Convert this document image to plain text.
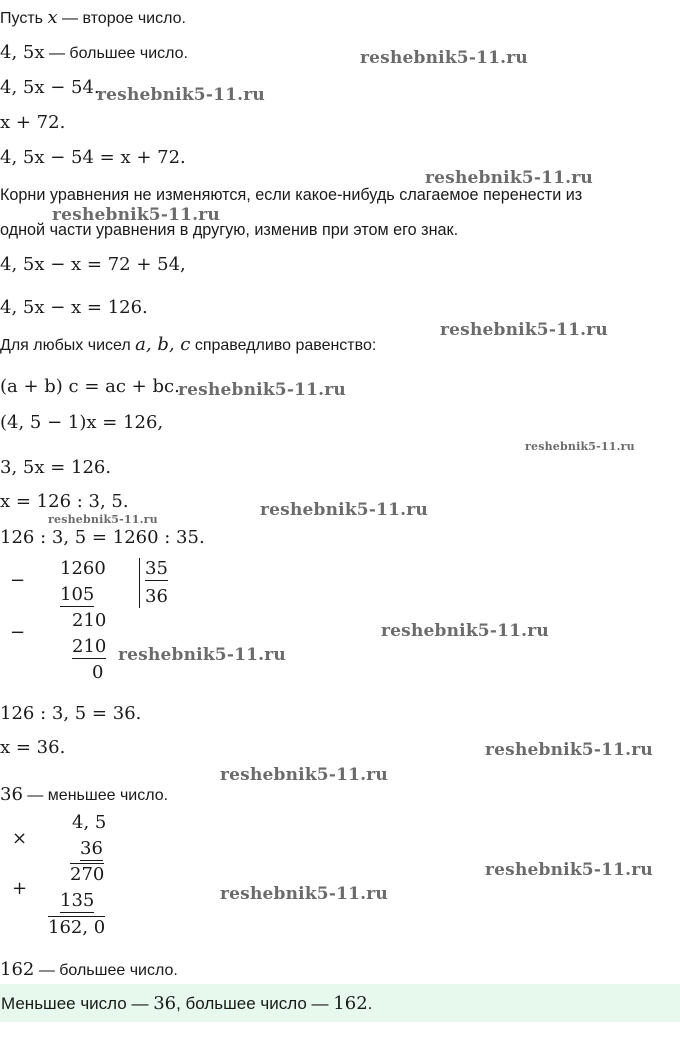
Пусть x — второе число.
4, 5x — большее число.
4, 5x − 54.
x + 72.
4, 5x − 54 = x + 72.
Корни уравнения не изменяются, если какое-нибудь слагаемое перенести из
одной части уравнения в другую, изменив при этом его знак.
4, 5x − x = 72 + 54,
4, 5x − x = 126.
Для любых чисел a, b, c справедливо равенство:
(a + b) c = ac + bc.
(4, 5 − 1)x = 126,
3, 5x = 126.
x = 126 : 3, 5.
126 : 3, 5 = 1260 : 35.
−
1260
105
35
36
−
210
210
0
126 : 3, 5 = 36.
x = 36.
36 — меньшее число.
×
4, 5
36
+
270
135
162, 0
162 — большее число.
Меньшее число — 36, большее число — 162.
reshebnik5-11.ru
reshebnik5-11.ru
reshebnik5-11.ru
reshebnik5-11.ru
reshebnik5-11.ru
reshebnik5-11.ru
reshebnik5-11.ru
reshebnik5-11.ru
reshebnik5-11.ru
reshebnik5-11.ru
reshebnik5-11.ru
reshebnik5-11.ru
reshebnik5-11.ru
reshebnik5-11.ru
reshebnik5-11.ru
